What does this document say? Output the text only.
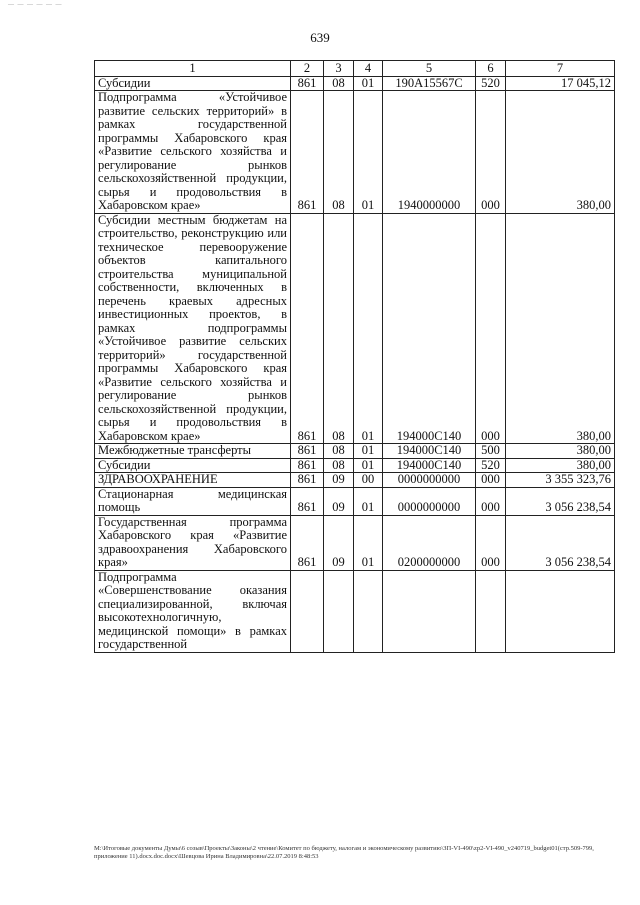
— — — — — —
639
1	2	3	4	5	6	7
Субсидии	861	08	01	190А15567С	520	17 045,12
Подпрограмма «Устойчивое развитие сельских территорий» в рамках государственной программы Хабаровского края «Развитие сельского хозяйства и регулирование рынков сельскохозяйственной продукции, сырья и продовольствия в Хабаровском крае»	861	08	01	1940000000	000	380,00
Субсидии местным бюджетам на строительство, реконструкцию или техническое перевооружение объектов капитального строительства муниципальной собственности, включенных в перечень краевых адресных инвестиционных проектов, в рамках подпрограммы «Устойчивое развитие сельских территорий» государственной программы Хабаровского края «Развитие сельского хозяйства и регулирование рынков сельскохозяйственной продукции, сырья и продовольствия в Хабаровском крае»	861	08	01	194000С140	000	380,00
Межбюджетные трансферты	861	08	01	194000С140	500	380,00
Субсидии	861	08	01	194000С140	520	380,00
ЗДРАВООХРАНЕНИЕ	861	09	00	0000000000	000	3 355 323,76
Стационарная медицинская помощь	861	09	01	0000000000	000	3 056 238,54
Государственная программа Хабаровского края «Развитие здравоохранения Хабаровского края»	861	09	01	0200000000	000	3 056 238,54
Подпрограмма «Совершенствование оказания специализированной, включая высокотехнологичную, медицинской помощи» в рамках государственной						
М:\Итоговые документы Думы\6 созыв\Проекты\Законы\2 чтение\Комитет по бюджету, налогам и экономическому развитию\ЗП-VI-490\zp2-VI-490_v240719_budget01(стр.509-799, приложение 11).docx.doc.docx\Шевцова Ирина Владимировна\22.07.2019 8:48:53
